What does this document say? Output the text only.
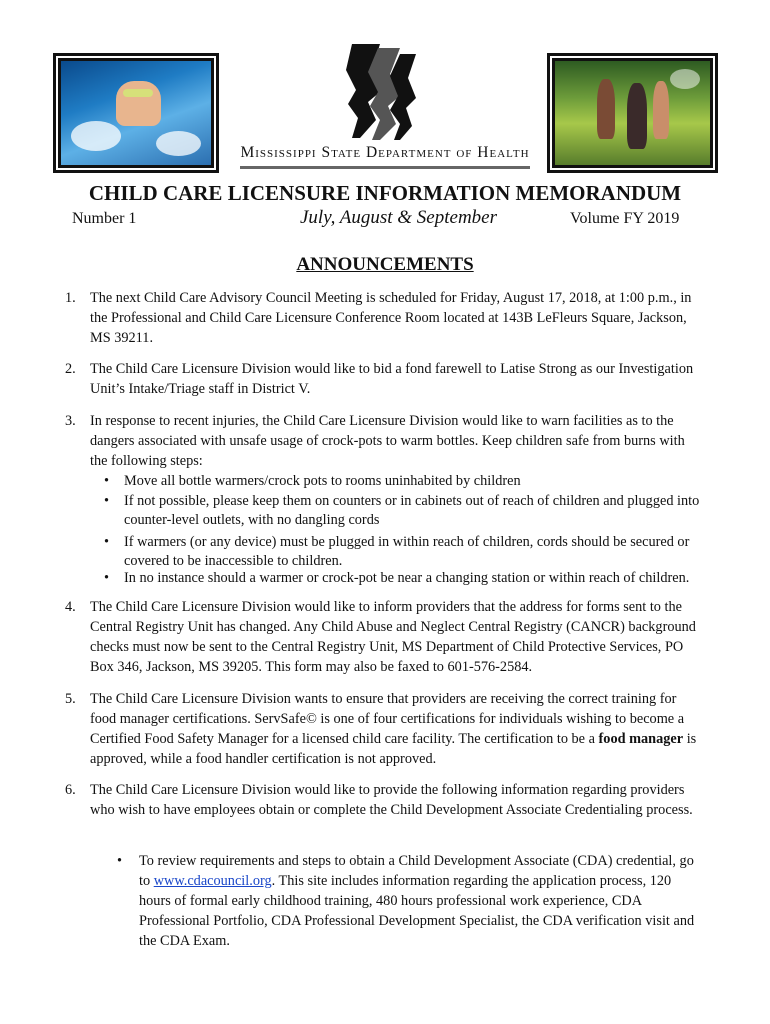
Mississippi State Department of Health
CHILD CARE LICENSURE INFORMATION MEMORANDUM
Number 1	July, August & September	Volume FY 2019
ANNOUNCEMENTS
1. The next Child Care Advisory Council Meeting is scheduled for Friday, August 17, 2018, at 1:00 p.m., in the Professional and Child Care Licensure Conference Room located at 143B LeFleurs Square, Jackson, MS 39211.
2. The Child Care Licensure Division would like to bid a fond farewell to Latise Strong as our Investigation Unit’s Intake/Triage staff in District V.
3. In response to recent injuries, the Child Care Licensure Division would like to warn facilities as to the dangers associated with unsafe usage of crock-pots to warm bottles. Keep children safe from burns with the following steps:
• Move all bottle warmers/crock pots to rooms uninhabited by children
• If not possible, please keep them on counters or in cabinets out of reach of children and plugged into counter-level outlets, with no dangling cords
• If warmers (or any device) must be plugged in within reach of children, cords should be secured or covered to be inaccessible to children.
• In no instance should a warmer or crock-pot be near a changing station or within reach of children.
4. The Child Care Licensure Division would like to inform providers that the address for forms sent to the Central Registry Unit has changed. Any Child Abuse and Neglect Central Registry (CANCR) background checks must now be sent to the Central Registry Unit, MS Department of Child Protective Services, PO Box 346, Jackson, MS 39205. This form may also be faxed to 601-576-2584.
5. The Child Care Licensure Division wants to ensure that providers are receiving the correct training for food manager certifications. ServSafe© is one of four certifications for individuals wishing to become a Certified Food Safety Manager for a licensed child care facility. The certification to be a food manager is approved, while a food handler certification is not approved.
6. The Child Care Licensure Division would like to provide the following information regarding providers who wish to have employees obtain or complete the Child Development Associate Credentialing process.
• To review requirements and steps to obtain a Child Development Associate (CDA) credential, go to www.cdacouncil.org. This site includes information regarding the application process, 120 hours of formal early childhood training, 480 hours professional work experience, CDA Professional Portfolio, CDA Professional Development Specialist, the CDA verification visit and the CDA Exam.
